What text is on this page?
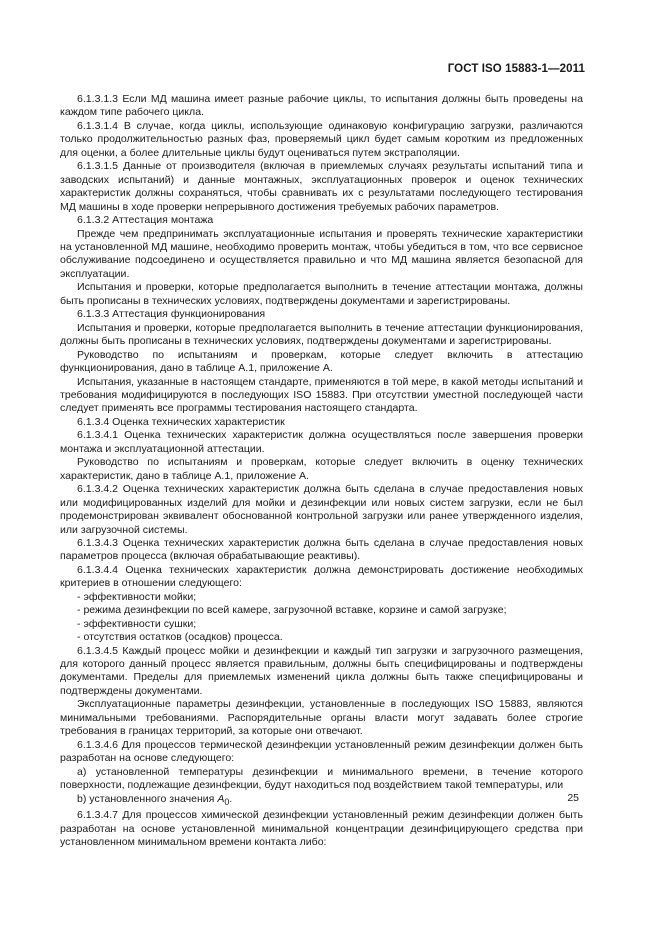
ГОСТ ISO 15883-1—2011

6.1.3.1.3 Если МД машина имеет разные рабочие циклы, то испытания должны быть проведены на каждом типе рабочего цикла.

6.1.3.1.4 В случае, когда циклы, использующие одинаковую конфигурацию загрузки, различаются только продолжительностью разных фаз, проверяемый цикл будет самым коротким из предложенных для оценки, а более длительные циклы будут оцениваться путем экстраполяции.

6.1.3.1.5 Данные от производителя (включая в приемлемых случаях результаты испытаний типа и заводских испытаний) и данные монтажных, эксплуатационных проверок и оценок технических характеристик должны сохраняться, чтобы сравнивать их с результатами последующего тестирования МД машины в ходе проверки непрерывного достижения требуемых рабочих параметров.

6.1.3.2 Аттестация монтажа

Прежде чем предпринимать эксплуатационные испытания и проверять технические характеристики на установленной МД машине, необходимо проверить монтаж, чтобы убедиться в том, что все сервисное обслуживание подсоединено и осуществляется правильно и что МД машина является безопасной для эксплуатации.

Испытания и проверки, которые предполагается выполнить в течение аттестации монтажа, должны быть прописаны в технических условиях, подтверждены документами и зарегистрированы.

6.1.3.3 Аттестация функционирования

Испытания и проверки, которые предполагается выполнить в течение аттестации функционирования, должны быть прописаны в технических условиях, подтверждены документами и зарегистрированы.

Руководство по испытаниям и проверкам, которые следует включить в аттестацию функционирования, дано в таблице А.1, приложение А.

Испытания, указанные в настоящем стандарте, применяются в той мере, в какой методы испытаний и требования модифицируются в последующих ISO 15883. При отсутствии уместной последующей части следует применять все программы тестирования настоящего стандарта.

6.1.3.4 Оценка технических характеристик

6.1.3.4.1 Оценка технических характеристик должна осуществляться после завершения проверки монтажа и эксплуатационной аттестации.

Руководство по испытаниям и проверкам, которые следует включить в оценку технических характеристик, дано в таблице А.1, приложение А.

6.1.3.4.2 Оценка технических характеристик должна быть сделана в случае предоставления новых или модифицированных изделий для мойки и дезинфекции или новых систем загрузки, если не был продемонстрирован эквивалент обоснованной контрольной загрузки или ранее утвержденного изделия, или загрузочной системы.

6.1.3.4.3 Оценка технических характеристик должна быть сделана в случае предоставления новых параметров процесса (включая обрабатывающие реактивы).

6.1.3.4.4 Оценка технических характеристик должна демонстрировать достижение необходимых критериев в отношении следующего:

- эффективности мойки;

- режима дезинфекции по всей камере, загрузочной вставке, корзине и самой загрузке;

- эффективности сушки;

- отсутствия остатков (осадков) процесса.

6.1.3.4.5 Каждый процесс мойки и дезинфекции и каждый тип загрузки и загрузочного размещения, для которого данный процесс является правильным, должны быть специфицированы и подтверждены документами. Пределы для приемлемых изменений цикла должны быть также специфицированы и подтверждены документами.

Эксплуатационные параметры дезинфекции, установленные в последующих ISO 15883, являются минимальными требованиями. Распорядительные органы власти могут задавать более строгие требования в границах территорий, за которые они отвечают.

6.1.3.4.6 Для процессов термической дезинфекции установленный режим дезинфекции должен быть разработан на основе следующего:

а) установленной температуры дезинфекции и минимального времени, в течение которого поверхности, подлежащие дезинфекции, будут находиться под воздействием такой температуры, или

b) установленного значения $A_0$.

6.1.3.4.7 Для процессов химической дезинфекции установленный режим дезинфекции должен быть разработан на основе установленной минимальной концентрации дезинфицирующего средства при установленном минимальном времени контакта либо:

25
